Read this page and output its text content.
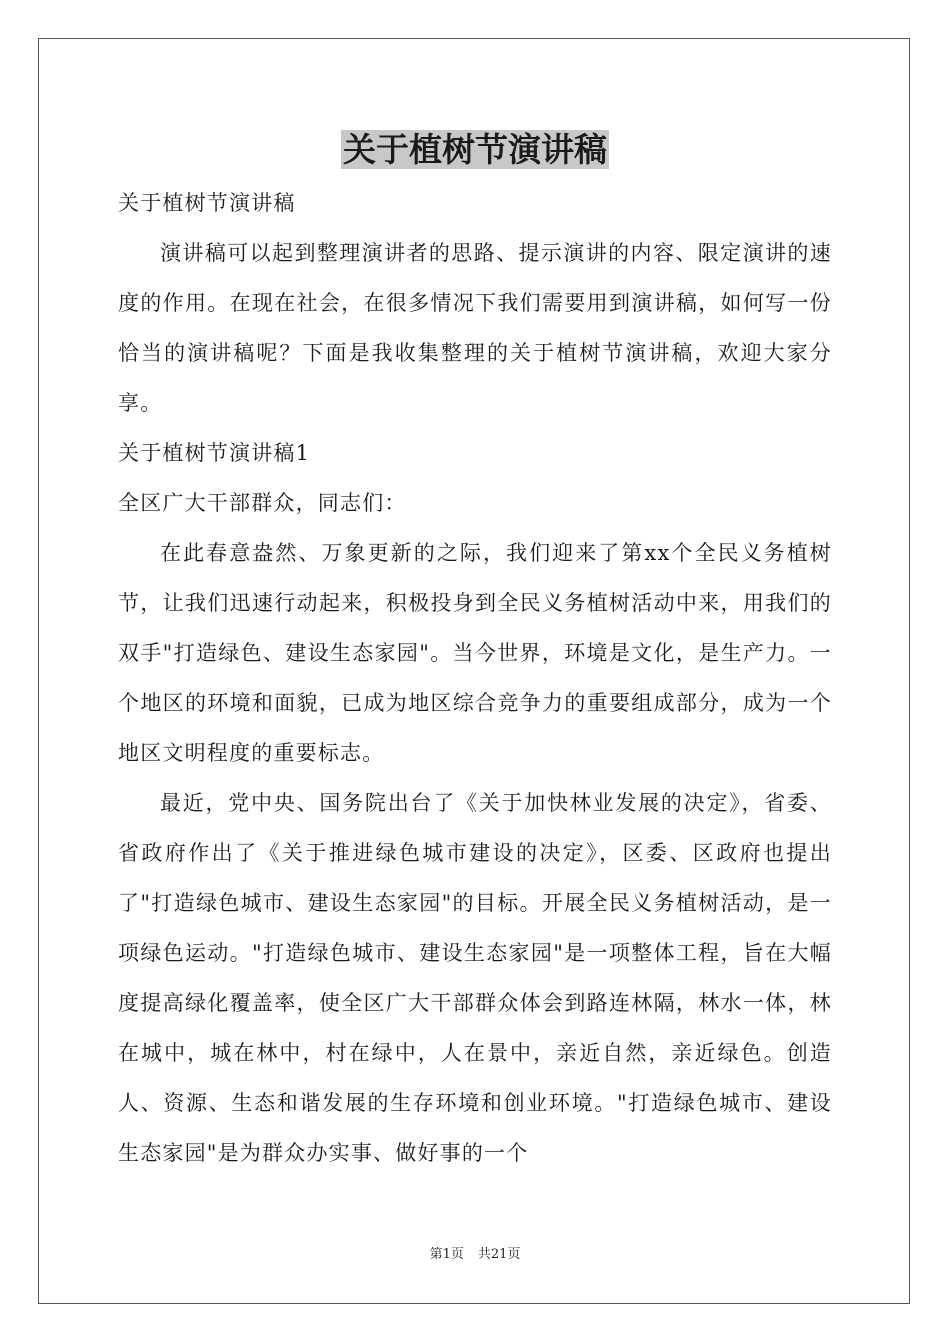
关于植树节演讲稿

关于植树节演讲稿

演讲稿可以起到整理演讲者的思路、提示演讲的内容、限定演讲的速度的作用。在现在社会，在很多情况下我们需要用到演讲稿，如何写一份恰当的演讲稿呢？下面是我收集整理的关于植树节演讲稿，欢迎大家分享。

关于植树节演讲稿1

全区广大干部群众，同志们：

在此春意盎然、万象更新的之际，我们迎来了第xx个全民义务植树节，让我们迅速行动起来，积极投身到全民义务植树活动中来，用我们的双手"打造绿色、建设生态家园"。当今世界，环境是文化，是生产力。一个地区的环境和面貌，已成为地区综合竞争力的重要组成部分，成为一个地区文明程度的重要标志。

最近，党中央、国务院出台了《关于加快林业发展的决定》，省委、省政府作出了《关于推进绿色城市建设的决定》，区委、区政府也提出了"打造绿色城市、建设生态家园"的目标。开展全民义务植树活动，是一项绿色运动。"打造绿色城市、建设生态家园"是一项整体工程，旨在大幅度提高绿化覆盖率，使全区广大干部群众体会到路连林隔，林水一体，林在城中，城在林中，村在绿中，人在景中，亲近自然，亲近绿色。创造人、资源、生态和谐发展的生存环境和创业环境。"打造绿色城市、建设生态家园"是为群众办实事、做好事的一个

第1页 共21页
